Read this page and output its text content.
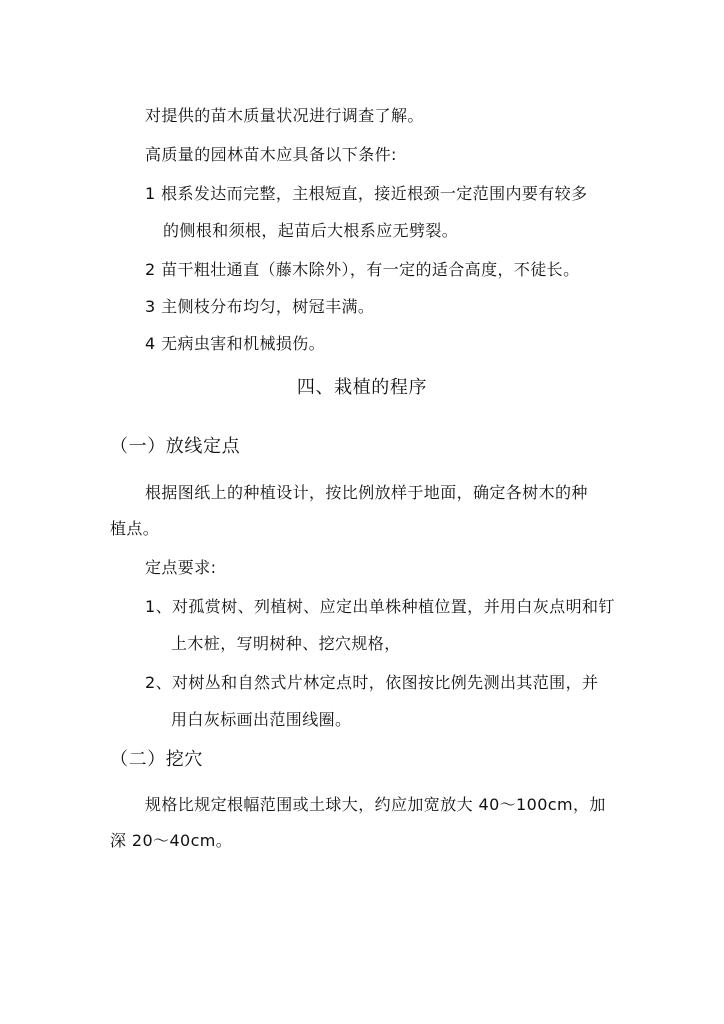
对提供的苗木质量状况进行调查了解。
高质量的园林苗木应具备以下条件:
1 根系发达而完整，主根短直，接近根颈一定范围内要有较多
的侧根和须根，起苗后大根系应无劈裂。
2 苗干粗壮通直（藤木除外），有一定的适合高度，不徒长。
3 主侧枝分布均匀，树冠丰满。
4 无病虫害和机械损伤。
四、栽植的程序
（一）放线定点
根据图纸上的种植设计，按比例放样于地面，确定各树木的种
植点。
定点要求:
1、对孤赏树、列植树、应定出单株种植位置，并用白灰点明和钉
上木桩，写明树种、挖穴规格，
2、对树丛和自然式片林定点时，依图按比例先测出其范围，并
用白灰标画出范围线圈。
（二）挖穴
规格比规定根幅范围或土球大，约应加宽放大 40～100cm，加
深 20～40cm。
